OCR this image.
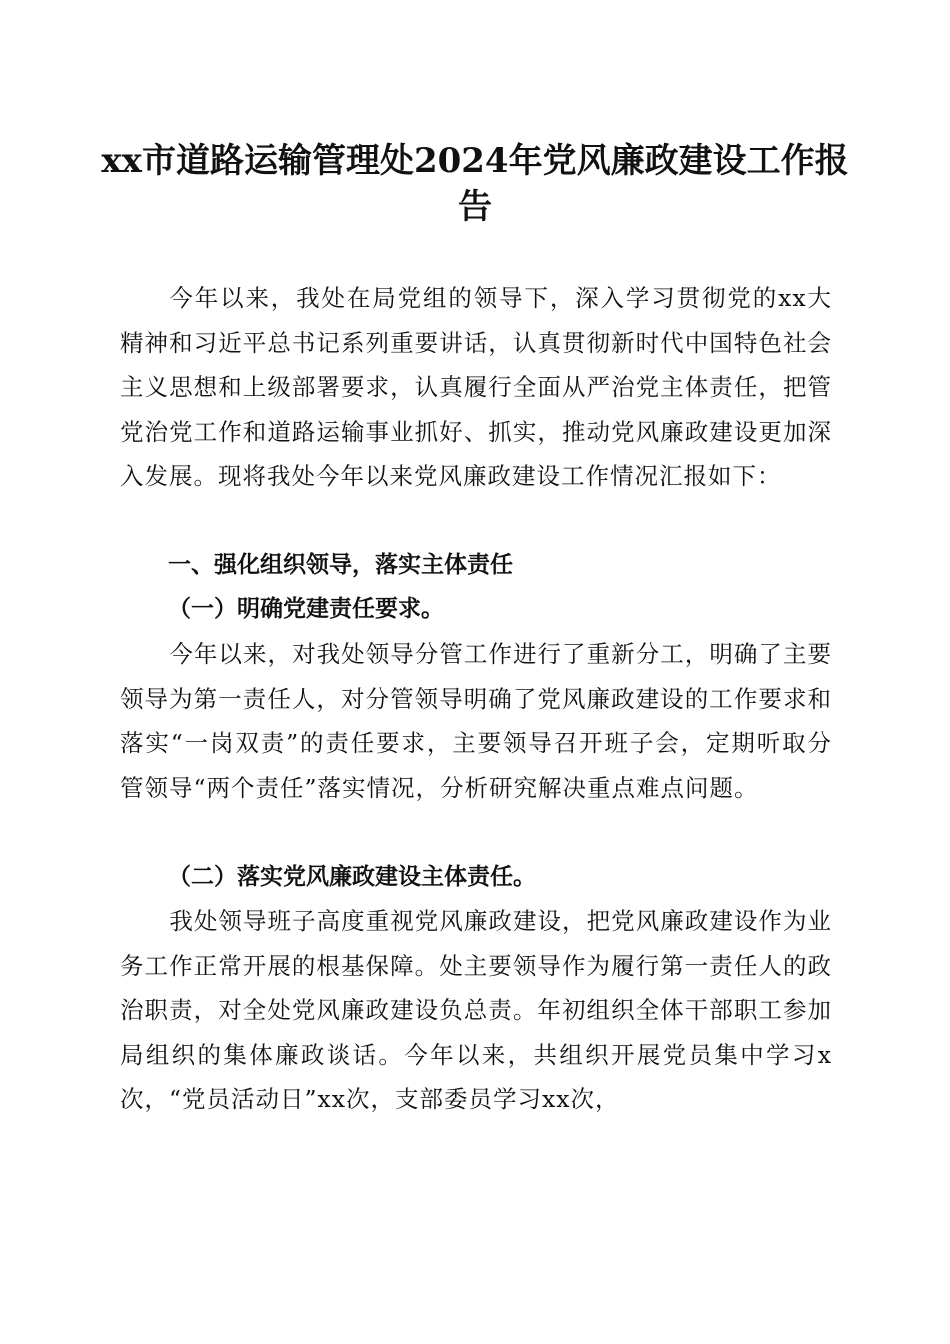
xx市道路运输管理处2024年党风廉政建设工作报告

今年以来，我处在局党组的领导下，深入学习贯彻党的xx大精神和习近平总书记系列重要讲话，认真贯彻新时代中国特色社会主义思想和上级部署要求，认真履行全面从严治党主体责任，把管党治党工作和道路运输事业抓好、抓实，推动党风廉政建设更加深入发展。现将我处今年以来党风廉政建设工作情况汇报如下：

一、强化组织领导，落实主体责任

（一）明确党建责任要求。

今年以来，对我处领导分管工作进行了重新分工，明确了主要领导为第一责任人，对分管领导明确了党风廉政建设的工作要求和落实“一岗双责”的责任要求，主要领导召开班子会，定期听取分管领导“两个责任”落实情况，分析研究解决重点难点问题。

（二）落实党风廉政建设主体责任。

我处领导班子高度重视党风廉政建设，把党风廉政建设作为业务工作正常开展的根基保障。处主要领导作为履行第一责任人的政治职责，对全处党风廉政建设负总责。年初组织全体干部职工参加局组织的集体廉政谈话。今年以来，共组织开展党员集中学习x次，“党员活动日”xx次，支部委员学习xx次，
